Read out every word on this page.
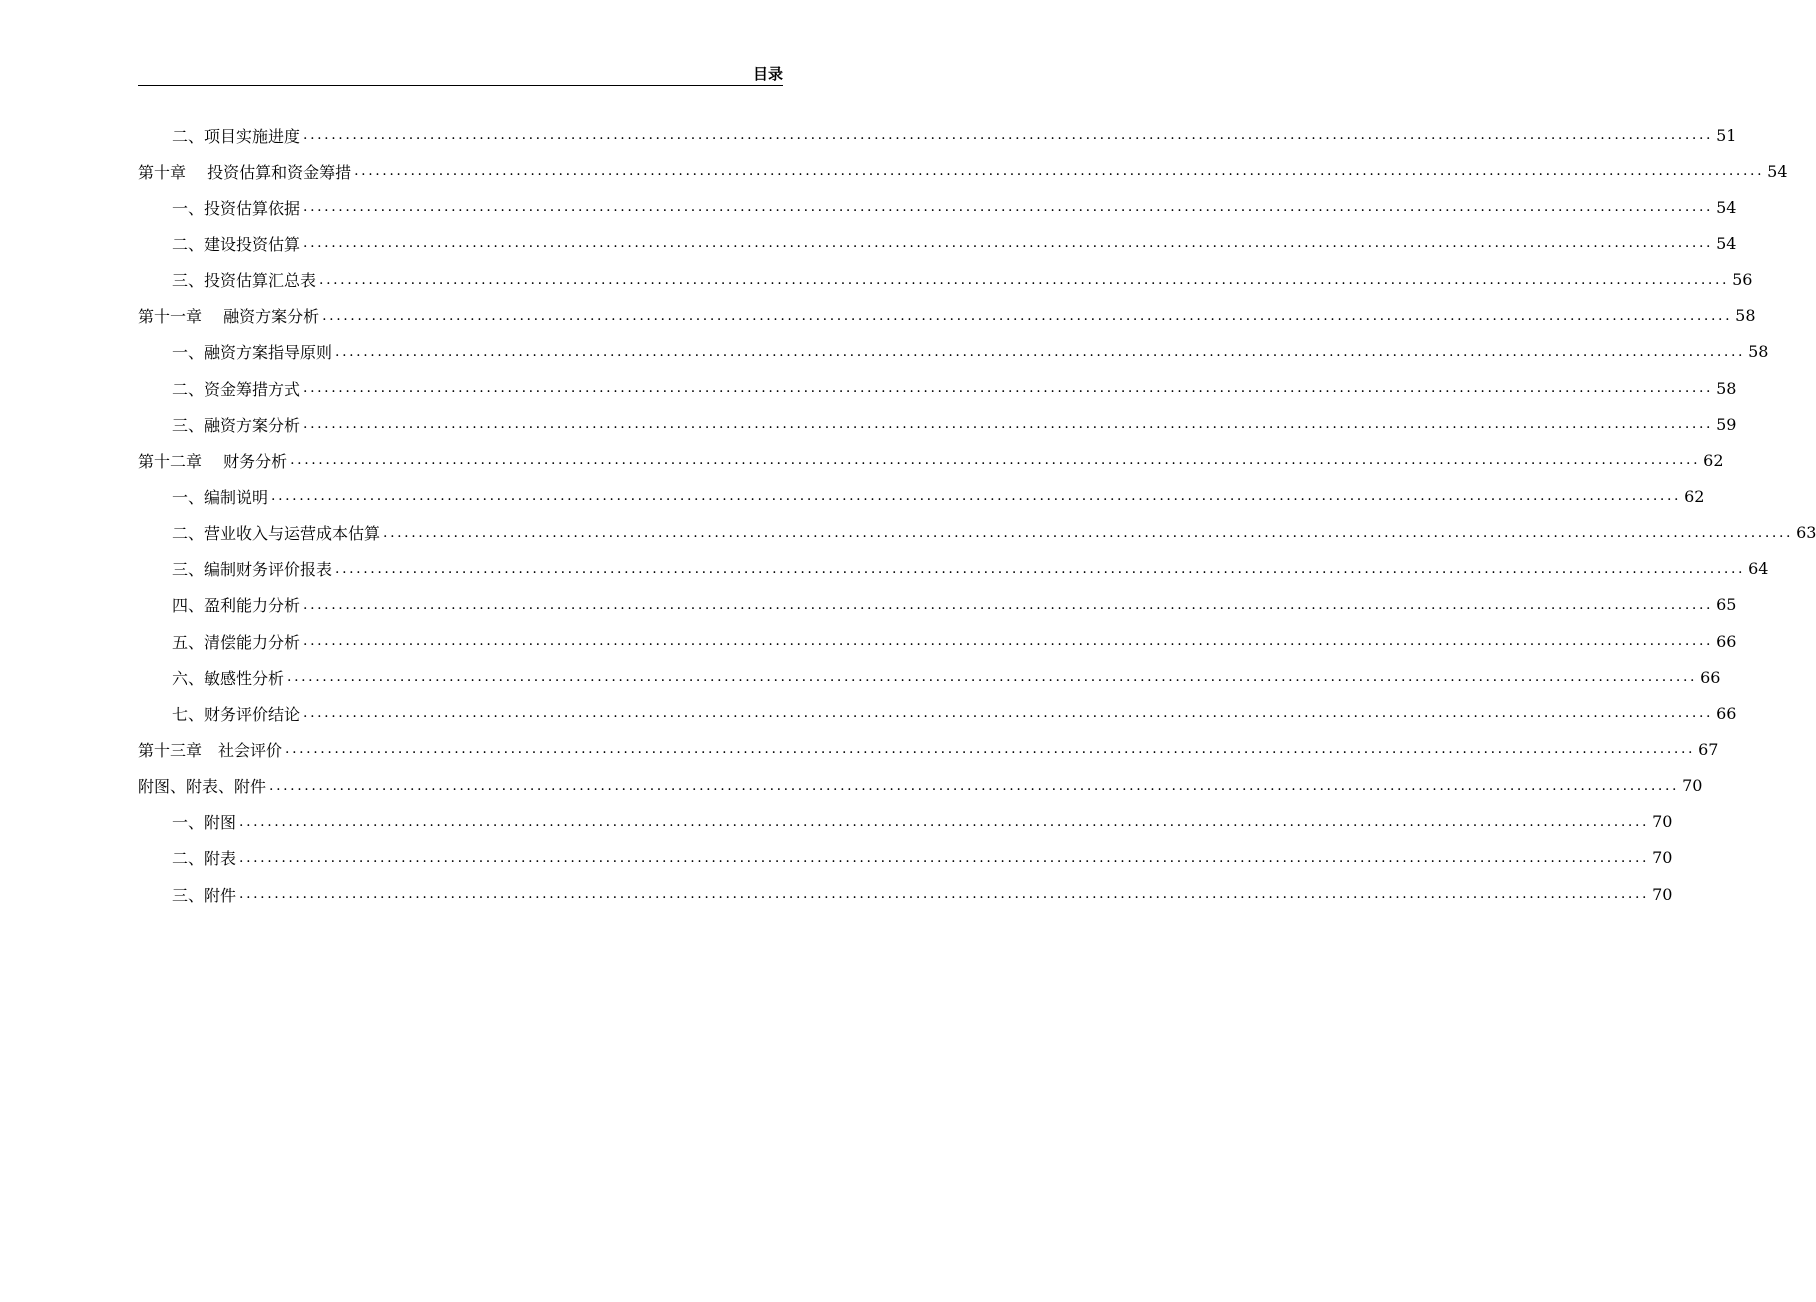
目录
二、项目实施进度 ........................................................................................................................................................................................................ 51
第十章　 投资估算和资金筹措 ........................................................................................................................................................................................................ 54
一、投资估算依据 ........................................................................................................................................................................................................ 54
二、建设投资估算 ........................................................................................................................................................................................................ 54
三、投资估算汇总表 ........................................................................................................................................................................................................ 56
第十一章　 融资方案分析 ........................................................................................................................................................................................................ 58
一、融资方案指导原则 ........................................................................................................................................................................................................ 58
二、资金筹措方式 ........................................................................................................................................................................................................ 58
三、融资方案分析 ........................................................................................................................................................................................................ 59
第十二章　 财务分析 ........................................................................................................................................................................................................ 62
一、编制说明 ........................................................................................................................................................................................................ 62
二、营业收入与运营成本估算 ........................................................................................................................................................................................................ 63
三、编制财务评价报表 ........................................................................................................................................................................................................ 64
四、盈利能力分析 ........................................................................................................................................................................................................ 65
五、清偿能力分析 ........................................................................................................................................................................................................ 66
六、敏感性分析 ........................................................................................................................................................................................................ 66
七、财务评价结论 ........................................................................................................................................................................................................ 66
第十三章　社会评价 ........................................................................................................................................................................................................ 67
附图、附表、附件 ........................................................................................................................................................................................................ 70
一、附图 ........................................................................................................................................................................................................ 70
二、附表 ........................................................................................................................................................................................................ 70
三、附件 ........................................................................................................................................................................................................ 70
